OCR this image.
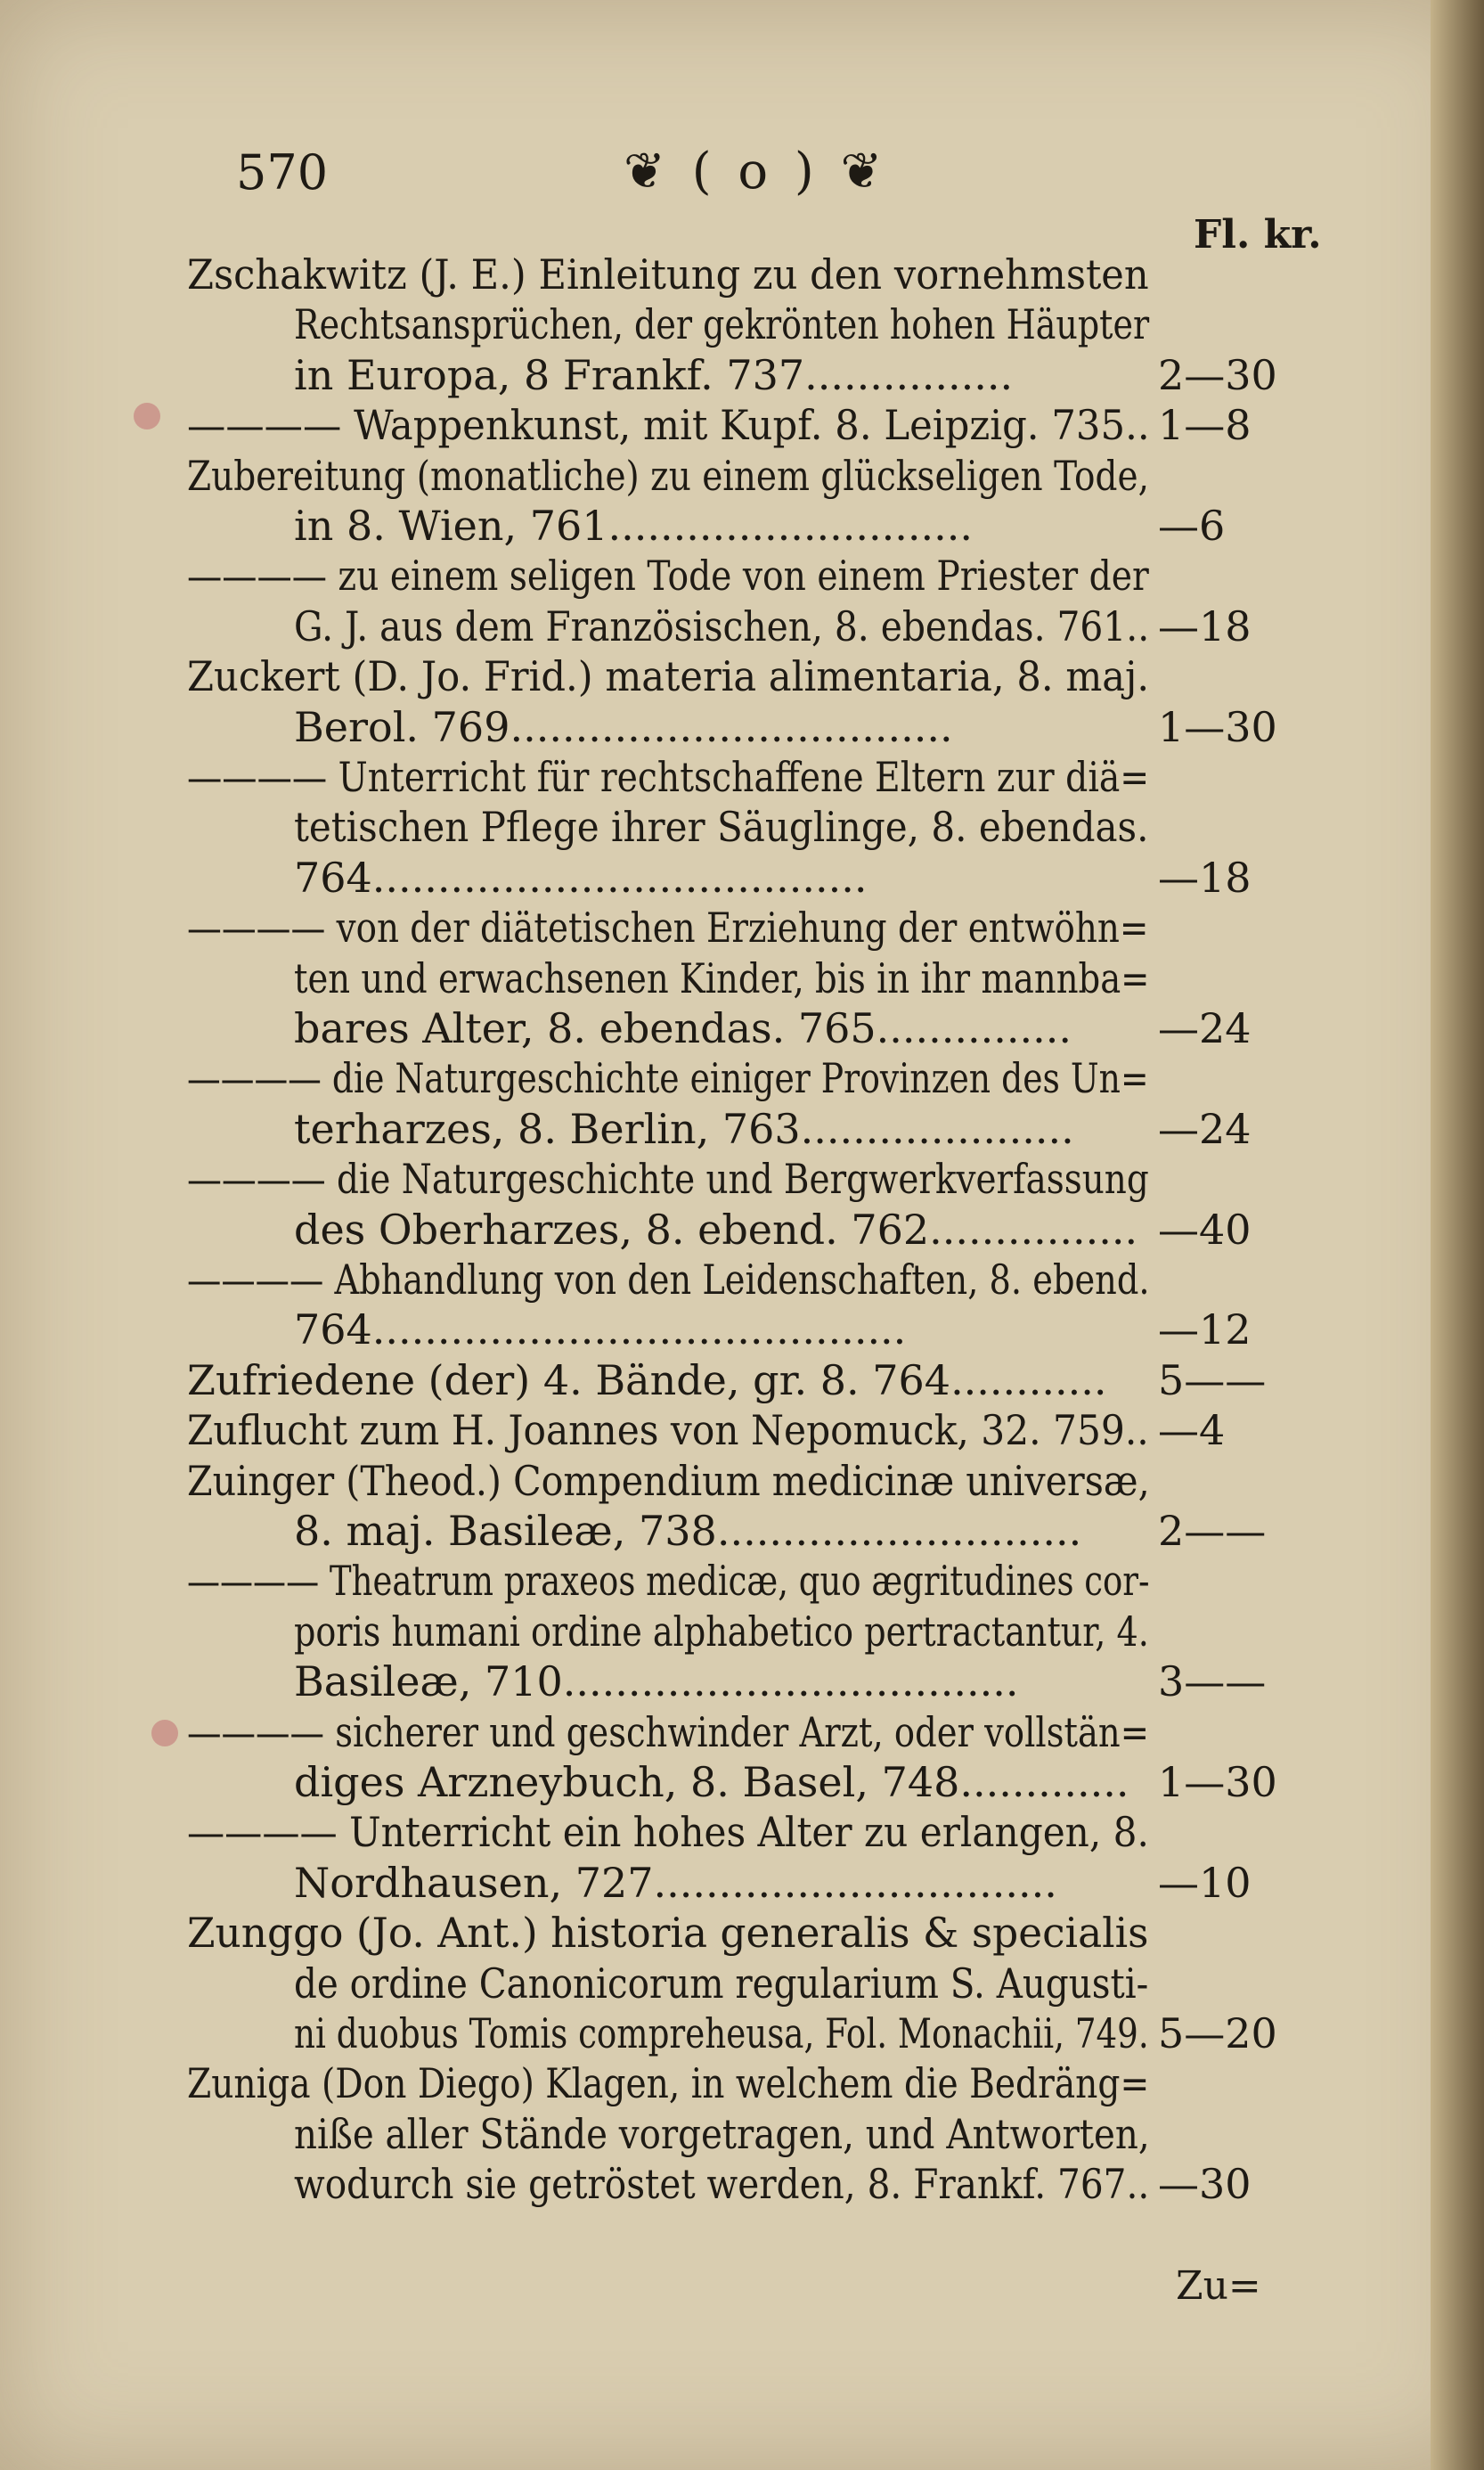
570	❦ ( o ) ❦
Fl. kr.
Zschakwitz (J. E.) Einleitung zu den vornehmsten
Rechtsansprüchen, der gekrönten hohen Häupter
in Europa, 8 Frankf. 737................	2—30
———— Wappenkunst, mit Kupf. 8. Leipzig. 735.. 1—8
Zubereitung (monatliche) zu einem glückseligen Tode,
in 8. Wien, 761............................	—6
———— zu einem seligen Tode von einem Priester der
G. J. aus dem Französischen, 8. ebendas. 761.. —18
Zuckert (D. Jo. Frid.) materia alimentaria, 8. maj.
Berol. 769..................................	1—30
———— Unterricht für rechtschaffene Eltern zur diä=
tetischen Pflege ihrer Säuglinge, 8. ebendas.
764......................................	—18
———— von der diätetischen Erziehung der entwöhn=
ten und erwachsenen Kinder, bis in ihr mannba=
bares Alter, 8. ebendas. 765............... —24
———— die Naturgeschichte einiger Provinzen des Un=
terharzes, 8. Berlin, 763..................... —24
———— die Naturgeschichte und Bergwerkverfassung
des Oberharzes, 8. ebend. 762................ —40
———— Abhandlung von den Leidenschaften, 8. ebend.
764.........................................	—12
Zufriedene (der) 4. Bände, gr. 8. 764............ 5——
Zuflucht zum H. Joannes von Nepomuck, 32. 759.. —4
Zuinger (Theod.) Compendium medicinæ universæ,
8. maj. Basileæ, 738............................ 2——
———— Theatrum praxeos medicæ, quo ægritudines cor-
poris humani ordine alphabetico pertractantur, 4.
Basileæ, 710...................................	3——
———— sicherer und geschwinder Arzt, oder vollstän=
diges Arzneybuch, 8. Basel, 748............. 1—30
———— Unterricht ein hohes Alter zu erlangen, 8.
Nordhausen, 727............................... —10
Zunggo (Jo. Ant.) historia generalis & specialis
de ordine Canonicorum regularium S. Augusti-
ni duobus Tomis compreheusa, Fol. Monachii, 749. 5—20
Zuniga (Don Diego) Klagen, in welchem die Bedräng=
niße aller Stände vorgetragen, und Antworten,
wodurch sie getröstet werden, 8. Frankf. 767.. —30
Zu=
